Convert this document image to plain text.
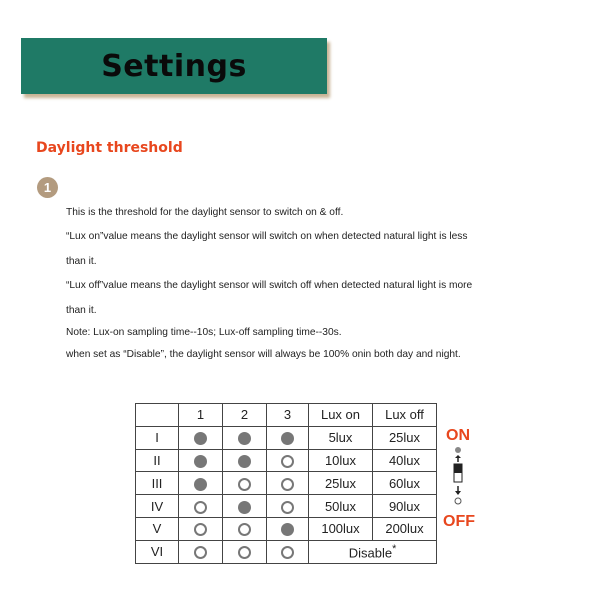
Settings
Daylight threshold
1
This is the threshold for the daylight sensor to switch on & off.
“Lux on”value means the daylight sensor will switch on when detected natural light is less
than it.
“Lux off”value means the daylight sensor will switch off when detected natural light is more
than it.
Note: Lux-on sampling time--10s; Lux-off sampling time--30s.
when set as “Disable”, the daylight sensor will always be 100% onin both day and night.
	1	2	3	Lux on	Lux off
I				5lux	25lux
II				10lux	40lux
III				25lux	60lux
IV				50lux	90lux
V				100lux	200lux
VI				Disable*
ON
OFF
